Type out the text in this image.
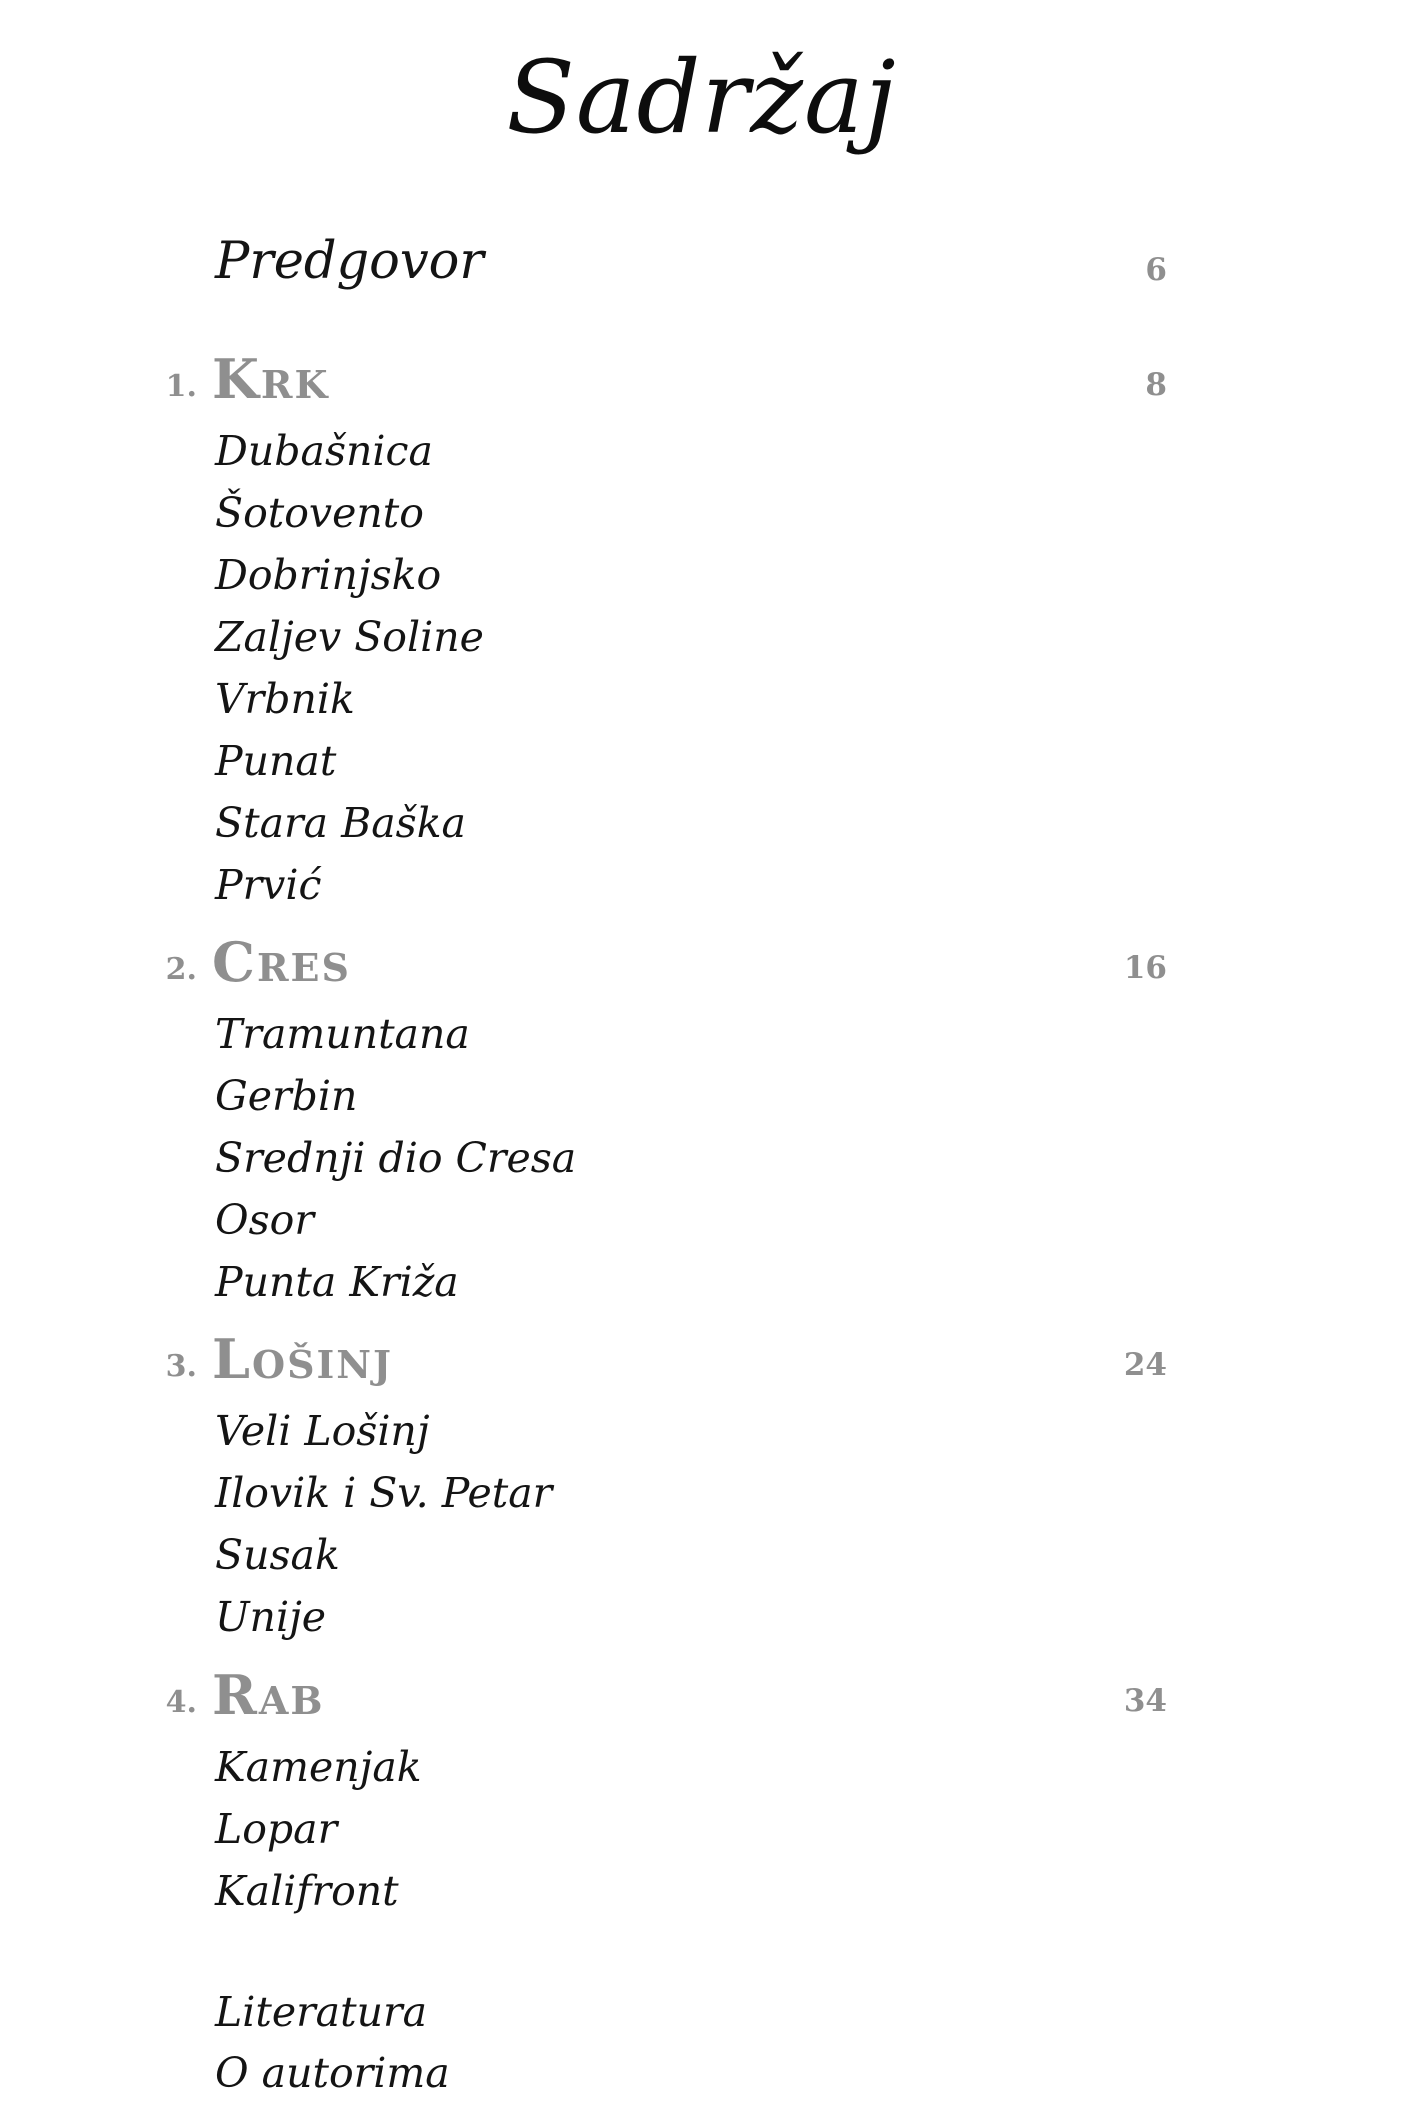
Sadržaj
Predgovor	6
1. Krk	8
Dubašnica
Šotovento
Dobrinjsko
Zaljev Soline
Vrbnik
Punat
Stara Baška
Prvić
2. Cres	16
Tramuntana
Gerbin
Srednji dio Cresa
Osor
Punta Križa
3. Lošinj	24
Veli Lošinj
Ilovik i Sv. Petar
Susak
Unije
4. Rab	34
Kamenjak
Lopar
Kalifront
Literatura
O autorima
